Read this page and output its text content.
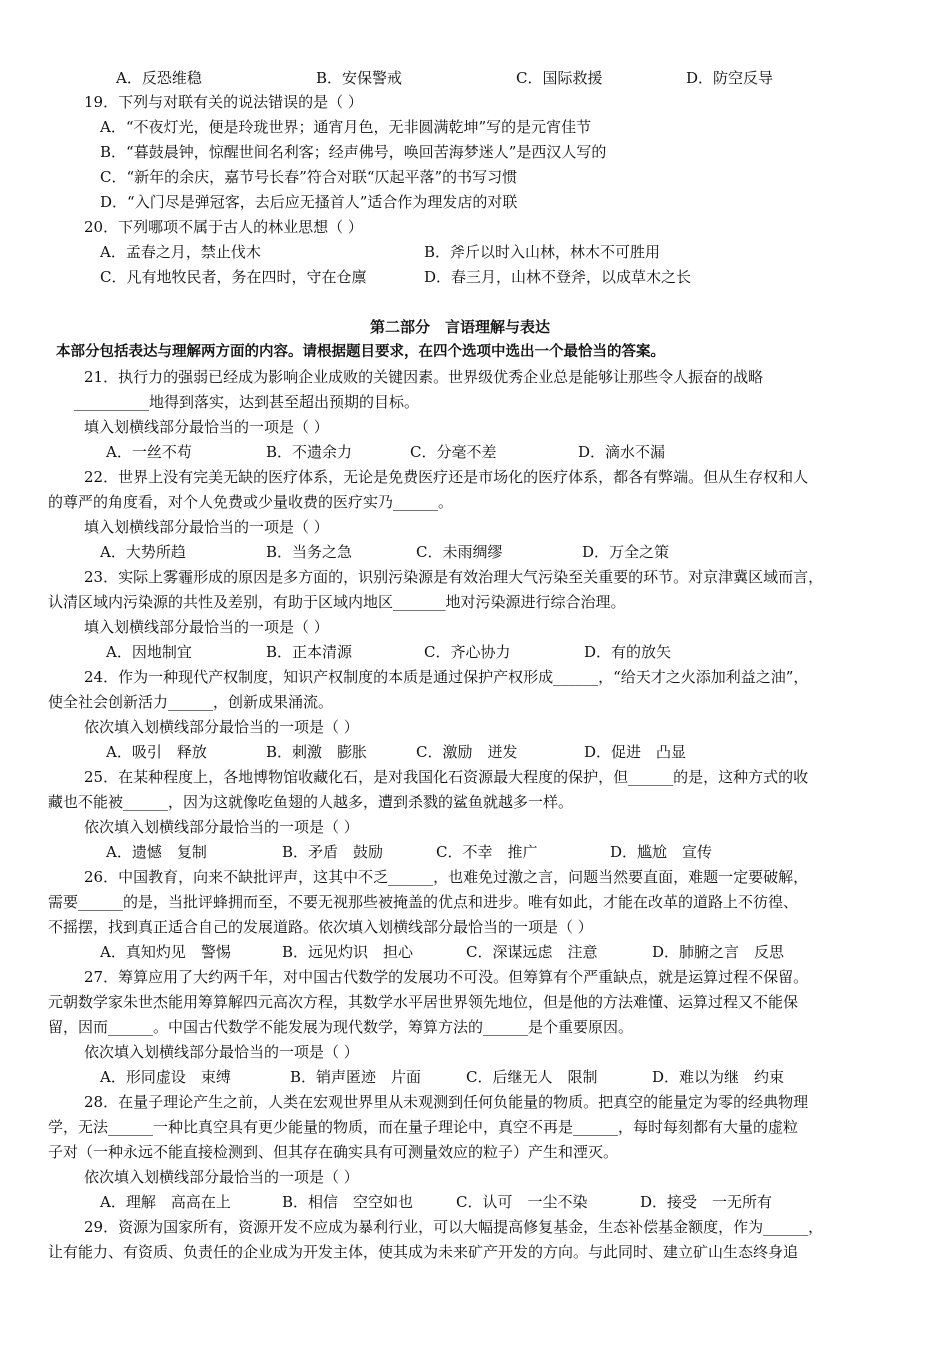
A．反恐维稳	B．安保警戒	C．国际救援	D．防空反导
19．下列与对联有关的说法错误的是（ ）
A．“不夜灯光，便是玲珑世界；通宵月色，无非圆满乾坤”写的是元宵佳节
B．“暮鼓晨钟，惊醒世间名利客；经声佛号，唤回苦海梦迷人”是西汉人写的
C．“新年的余庆，嘉节号长春”符合对联“仄起平落”的书写习惯
D．“入门尽是弹冠客，去后应无搔首人”适合作为理发店的对联
20．下列哪项不属于古人的林业思想（ ）
A．孟春之月，禁止伐木	B．斧斤以时入山林，林木不可胜用
C．凡有地牧民者，务在四时，守在仓廪	D．春三月，山林不登斧，以成草木之长
第二部分　言语理解与表达
本部分包括表达与理解两方面的内容。请根据题目要求，在四个选项中选出一个最恰当的答案。
21．执行力的强弱已经成为影响企业成败的关键因素。世界级优秀企业总是能够让那些令人振奋的战略
__________地得到落实，达到甚至超出预期的目标。
填入划横线部分最恰当的一项是（ ）
A．一丝不苟	B．不遗余力	C．分毫不差	D．滴水不漏
22．世界上没有完美无缺的医疗体系，无论是免费医疗还是市场化的医疗体系，都各有弊端。但从生存权和人
的尊严的角度看，对个人免费或少量收费的医疗实乃______。
填入划横线部分最恰当的一项是（ ）
A．大势所趋	B．当务之急	C．未雨绸缪	D．万全之策
23．实际上雾霾形成的原因是多方面的，识别污染源是有效治理大气污染至关重要的环节。对京津冀区域而言，
认清区域内污染源的共性及差别，有助于区域内地区_______地对污染源进行综合治理。
填入划横线部分最恰当的一项是（ ）
A．因地制宜	B．正本清源	C．齐心协力	D．有的放矢
24．作为一种现代产权制度，知识产权制度的本质是通过保护产权形成______，“给天才之火添加利益之油”，
使全社会创新活力______，创新成果涌流。
依次填入划横线部分最恰当的一项是（ ）
A．吸引　释放	B．刺激　膨胀	C．激励　迸发	D．促进　凸显
25．在某种程度上，各地博物馆收藏化石，是对我国化石资源最大程度的保护，但______的是，这种方式的收
藏也不能被______，因为这就像吃鱼翅的人越多，遭到杀戮的鲨鱼就越多一样。
依次填入划横线部分最恰当的一项是（ ）
A．遗憾　复制	B．矛盾　鼓励	C．不幸　推广	D．尴尬　宣传
26．中国教育，向来不缺批评声，这其中不乏______，也难免过激之言，问题当然要直面，难题一定要破解，
需要______的是，当批评蜂拥而至，不要无视那些被掩盖的优点和进步。唯有如此，才能在改革的道路上不彷徨、
不摇摆，找到真正适合自己的发展道路。依次填入划横线部分最恰当的一项是（ ）
A．真知灼见　警惕	B．远见灼识　担心	C．深谋远虑　注意	D．肺腑之言　反思
27．筹算应用了大约两千年，对中国古代数学的发展功不可没。但筹算有个严重缺点，就是运算过程不保留。
元朝数学家朱世杰能用筹算解四元高次方程，其数学水平居世界领先地位，但是他的方法难懂、运算过程又不能保
留，因而______。中国古代数学不能发展为现代数学，筹算方法的______是个重要原因。
依次填入划横线部分最恰当的一项是（ ）
A．形同虚设　束缚	B．销声匿迹　片面	C．后继无人　限制	D．难以为继　约束
28．在量子理论产生之前，人类在宏观世界里从未观测到任何负能量的物质。把真空的能量定为零的经典物理
学，无法______一种比真空具有更少能量的物质，而在量子理论中，真空不再是______，每时每刻都有大量的虚粒
子对（一种永远不能直接检测到、但其存在确实具有可测量效应的粒子）产生和湮灭。
依次填入划横线部分最恰当的一项是（ ）
A．理解　高高在上	B．相信　空空如也	C．认可　一尘不染	D．接受　一无所有
29．资源为国家所有，资源开发不应成为暴利行业，可以大幅提高修复基金，生态补偿基金额度，作为______，
让有能力、有资质、负责任的企业成为开发主体，使其成为未来矿产开发的方向。与此同时、建立矿山生态终身追
